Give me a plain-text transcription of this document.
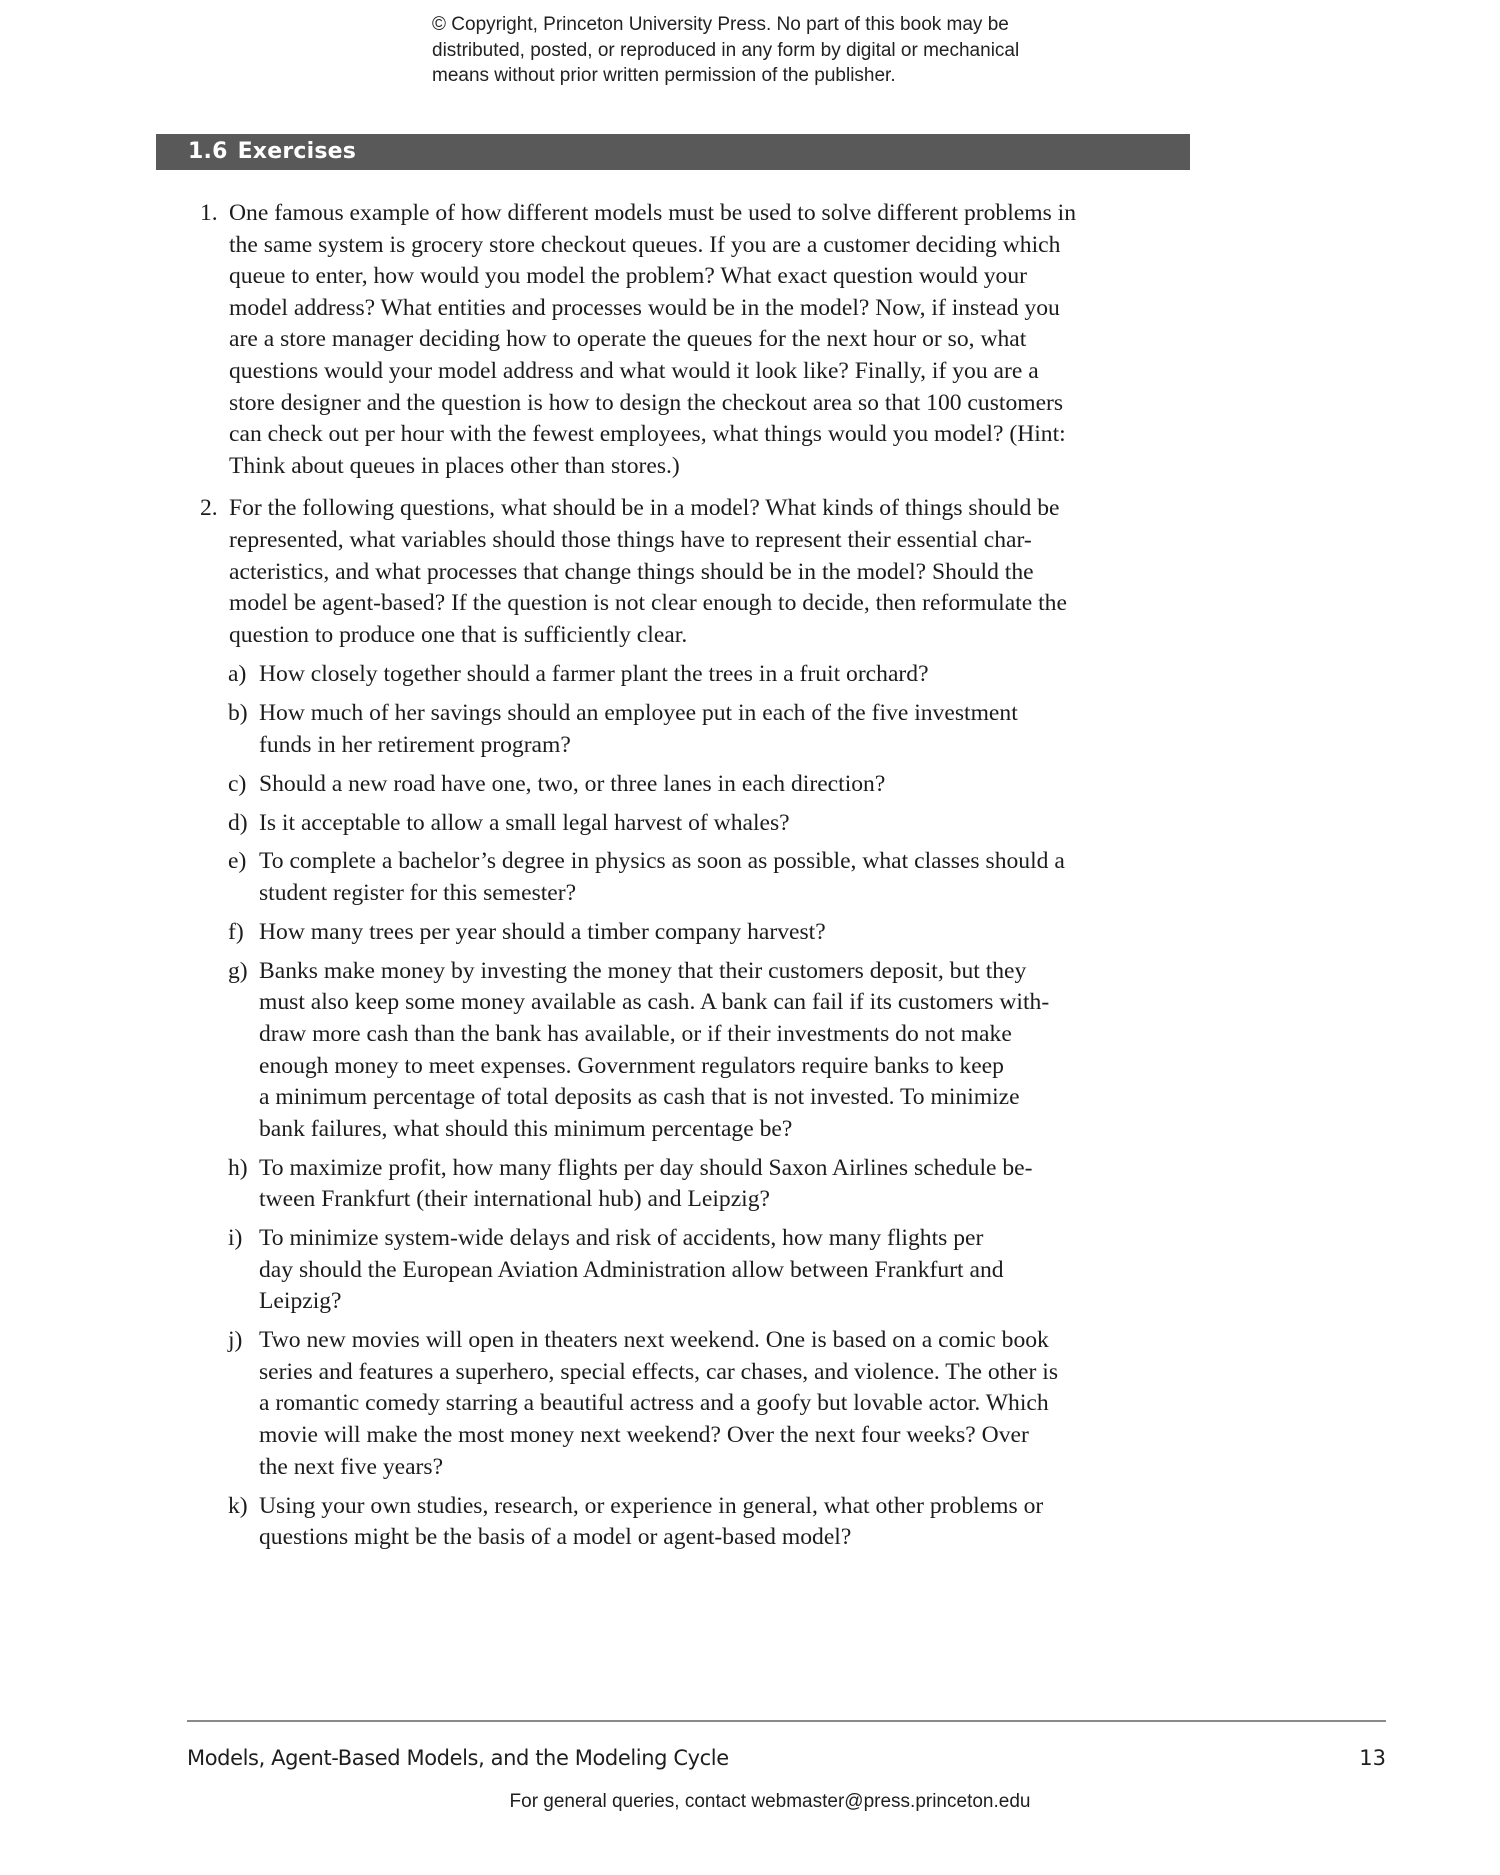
© Copyright, Princeton University Press. No part of this book may be
distributed, posted, or reproduced in any form by digital or mechanical
means without prior written permission of the publisher.
1.6 Exercises
1. One famous example of how different models must be used to solve different problems in
the same system is grocery store checkout queues. If you are a customer deciding which
queue to enter, how would you model the problem? What exact question would your
model address? What entities and processes would be in the model? Now, if instead you
are a store manager deciding how to operate the queues for the next hour or so, what
questions would your model address and what would it look like? Finally, if you are a
store designer and the question is how to design the checkout area so that 100 customers
can check out per hour with the fewest employees, what things would you model? (Hint:
Think about queues in places other than stores.)
2. For the following questions, what should be in a model? What kinds of things should be
represented, what variables should those things have to represent their essential char-
acteristics, and what processes that change things should be in the model? Should the
model be agent-based? If the question is not clear enough to decide, then reformulate the
question to produce one that is sufficiently clear.
a) How closely together should a farmer plant the trees in a fruit orchard?
b) How much of her savings should an employee put in each of the five investment
funds in her retirement program?
c) Should a new road have one, two, or three lanes in each direction?
d) Is it acceptable to allow a small legal harvest of whales?
e) To complete a bachelor’s degree in physics as soon as possible, what classes should a
student register for this semester?
f) How many trees per year should a timber company harvest?
g) Banks make money by investing the money that their customers deposit, but they
must also keep some money available as cash. A bank can fail if its customers with-
draw more cash than the bank has available, or if their investments do not make
enough money to meet expenses. Government regulators require banks to keep
a minimum percentage of total deposits as cash that is not invested. To minimize
bank failures, what should this minimum percentage be?
h) To maximize profit, how many flights per day should Saxon Airlines schedule be-
tween Frankfurt (their international hub) and Leipzig?
i) To minimize system-wide delays and risk of accidents, how many flights per
day should the European Aviation Administration allow between Frankfurt and
Leipzig?
j) Two new movies will open in theaters next weekend. One is based on a comic book
series and features a superhero, special effects, car chases, and violence. The other is
a romantic comedy starring a beautiful actress and a goofy but lovable actor. Which
movie will make the most money next weekend? Over the next four weeks? Over
the next five years?
k) Using your own studies, research, or experience in general, what other problems or
questions might be the basis of a model or agent-based model?
Models, Agent-Based Models, and the Modeling Cycle	13
For general queries, contact webmaster@press.princeton.edu
